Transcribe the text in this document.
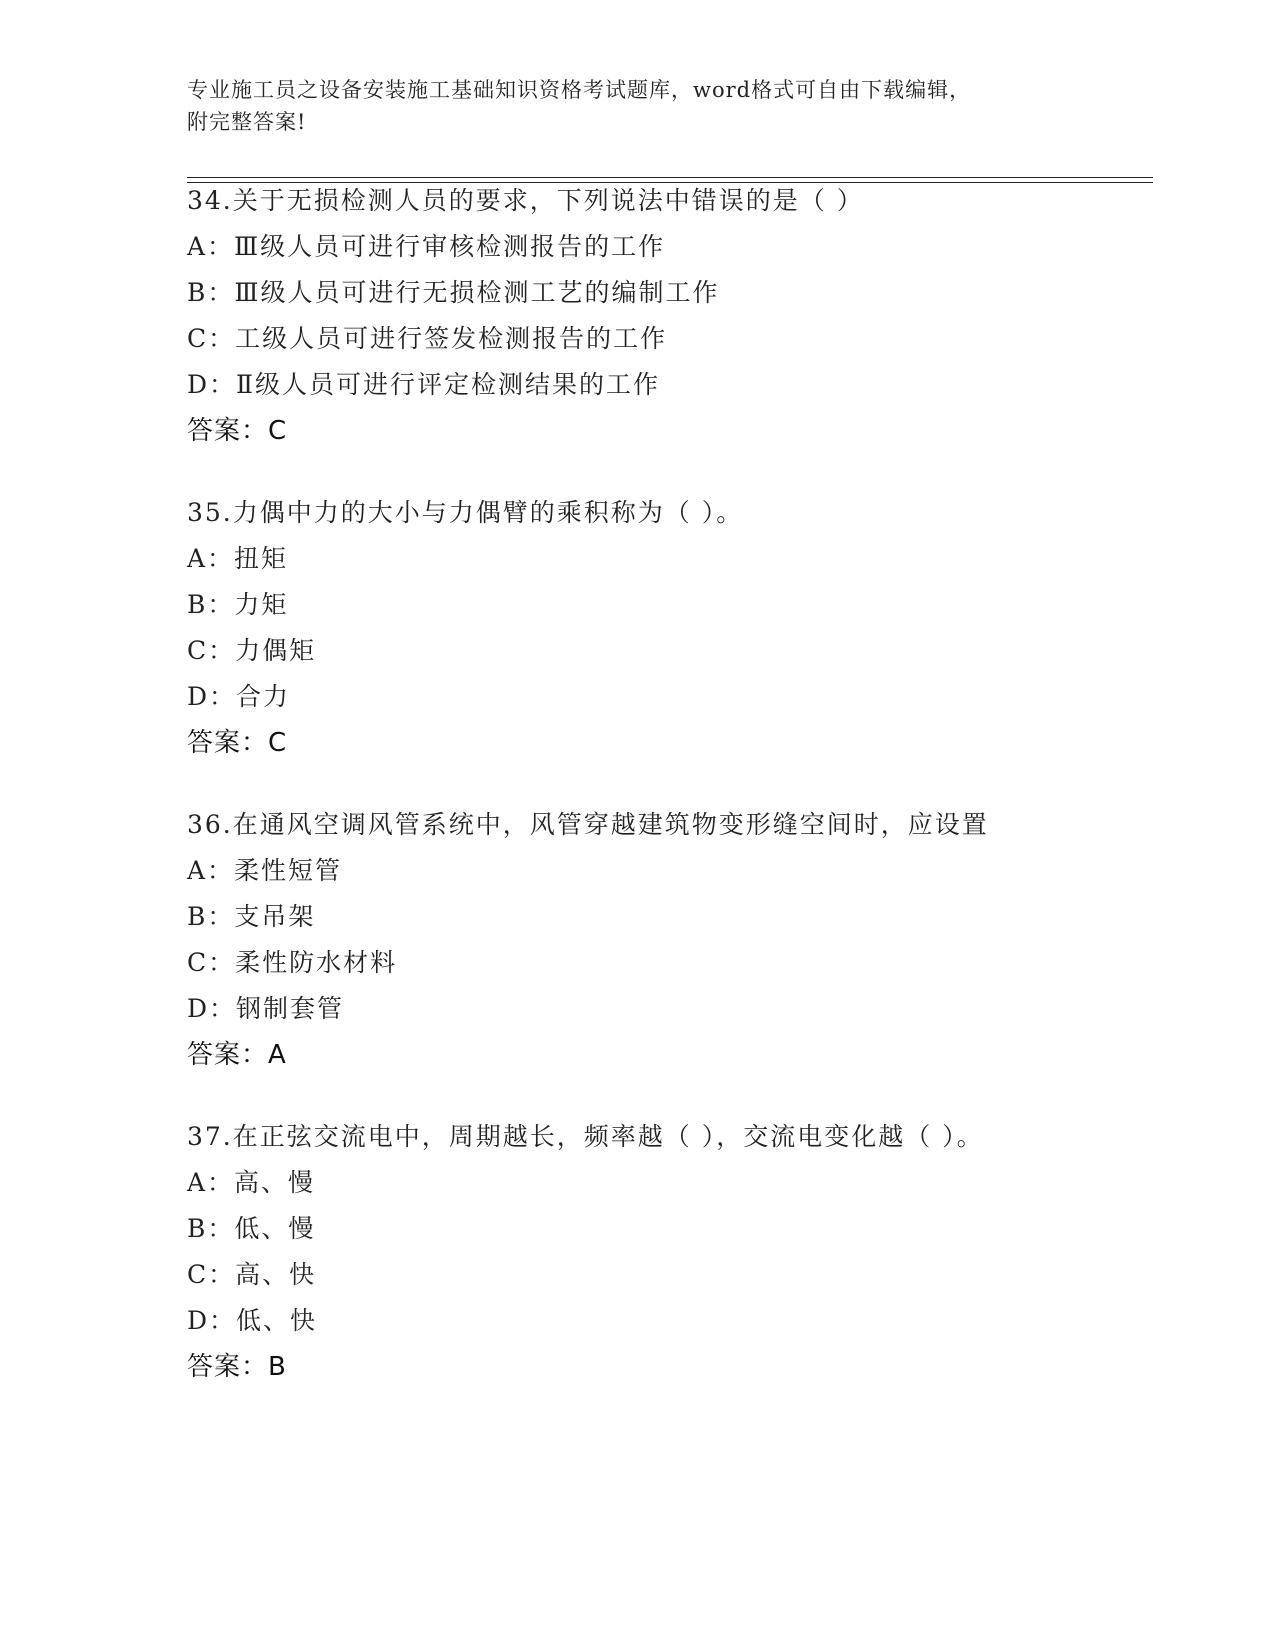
专业施工员之设备安装施工基础知识资格考试题库，word格式可自由下载编辑，
附完整答案!
34.关于无损检测人员的要求，下列说法中错误的是（ ）
A：Ⅲ级人员可进行审核检测报告的工作
B：Ⅲ级人员可进行无损检测工艺的编制工作
C：工级人员可进行签发检测报告的工作
D：Ⅱ级人员可进行评定检测结果的工作
答案：C
35.力偶中力的大小与力偶臂的乘积称为（ ）。
A：扭矩
B：力矩
C：力偶矩
D：合力
答案：C
36.在通风空调风管系统中，风管穿越建筑物变形缝空间时，应设置
A：柔性短管
B：支吊架
C：柔性防水材料
D：钢制套管
答案：A
37.在正弦交流电中，周期越长，频率越（ ），交流电变化越（ ）。
A：高、慢
B：低、慢
C：高、快
D：低、快
答案：B
